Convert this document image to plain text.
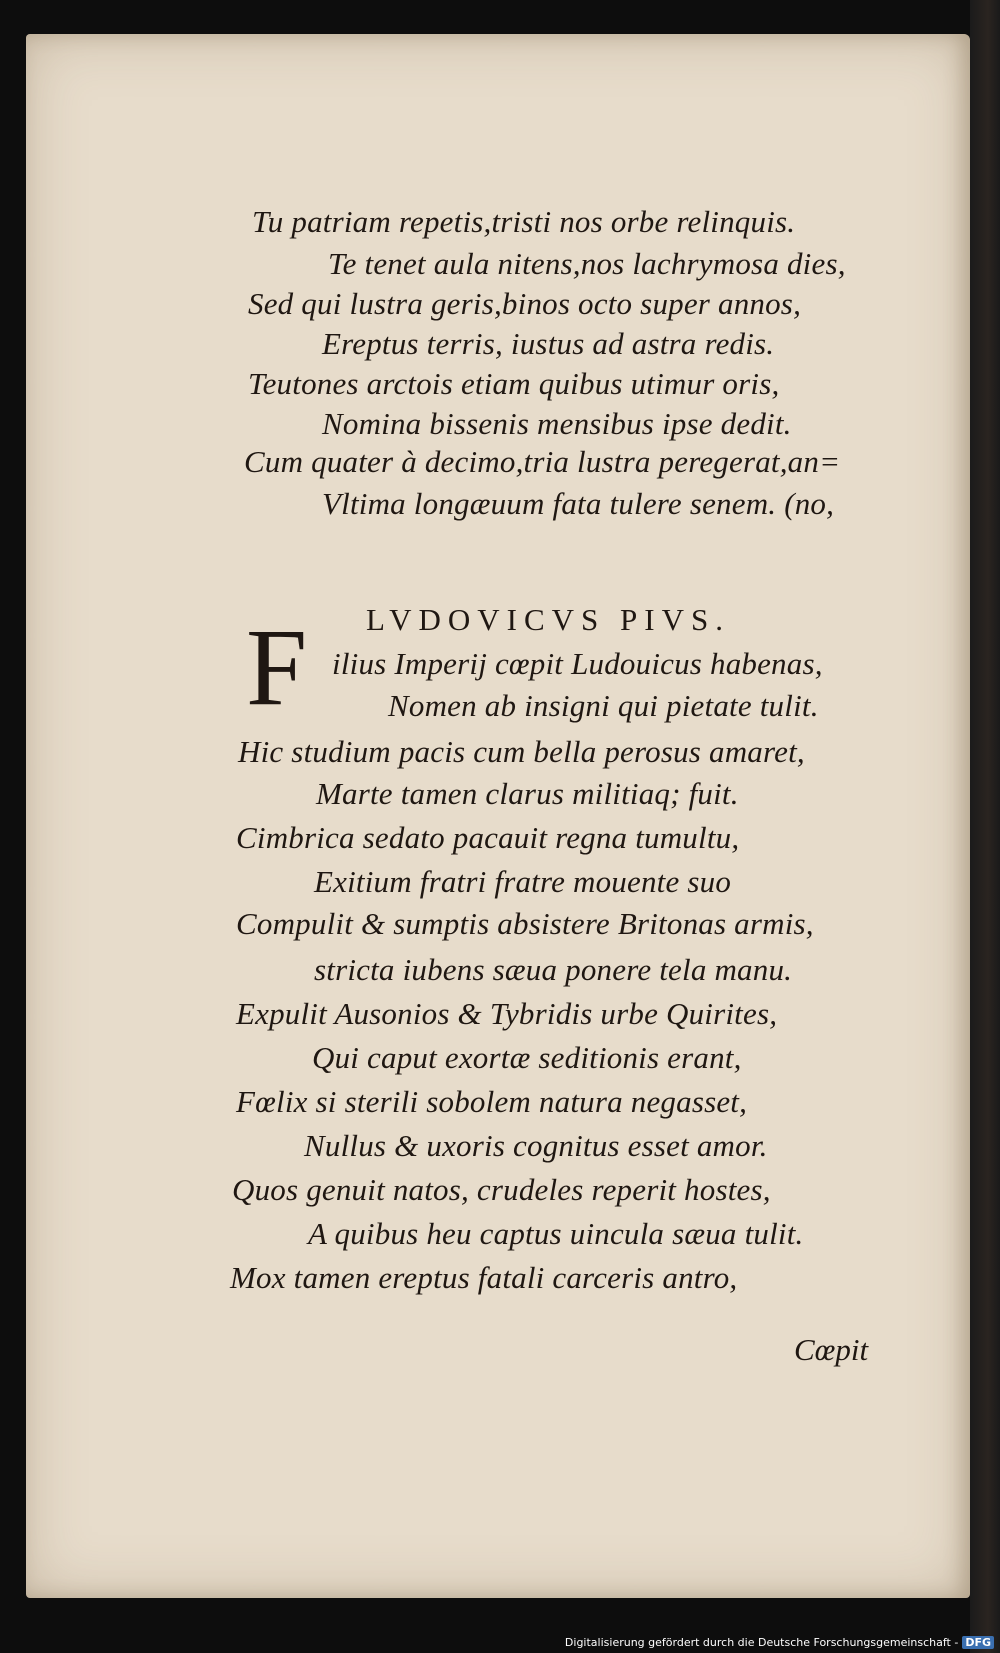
Tu patriam repetis,tristi nos orbe relinquis.
Te tenet aula nitens,nos lachrymosa dies,
Sed qui lustra geris,binos octo super annos,
Ereptus terris, iustus ad astra redis.
Teutones arctois etiam quibus utimur oris,
Nomina bissenis mensibus ipse dedit.
Cum quater à decimo,tria lustra peregerat,an=
Vltima longæuum fata tulere senem. (no,
LVDOVICVS PIVS.
F ilius Imperij cœpit Ludouicus habenas,
Nomen ab insigni qui pietate tulit.
Hic studium pacis cum bella perosus amaret,
Marte tamen clarus militiaq; fuit.
Cimbrica sedato pacauit regna tumultu,
Exitium fratri fratre mouente suo
Compulit & sumptis absistere Britonas armis,
stricta iubens sæua ponere tela manu.
Expulit Ausonios & Tybridis urbe Quirites,
Qui caput exortæ seditionis erant,
Fœlix si sterili sobolem natura negasset,
Nullus & uxoris cognitus esset amor.
Quos genuit natos, crudeles reperit hostes,
A quibus heu captus uincula sæua tulit.
Mox tamen ereptus fatali carceris antro,
Cœpit
Digitalisierung gefördert durch die Deutsche Forschungsgemeinschaft - DFG
